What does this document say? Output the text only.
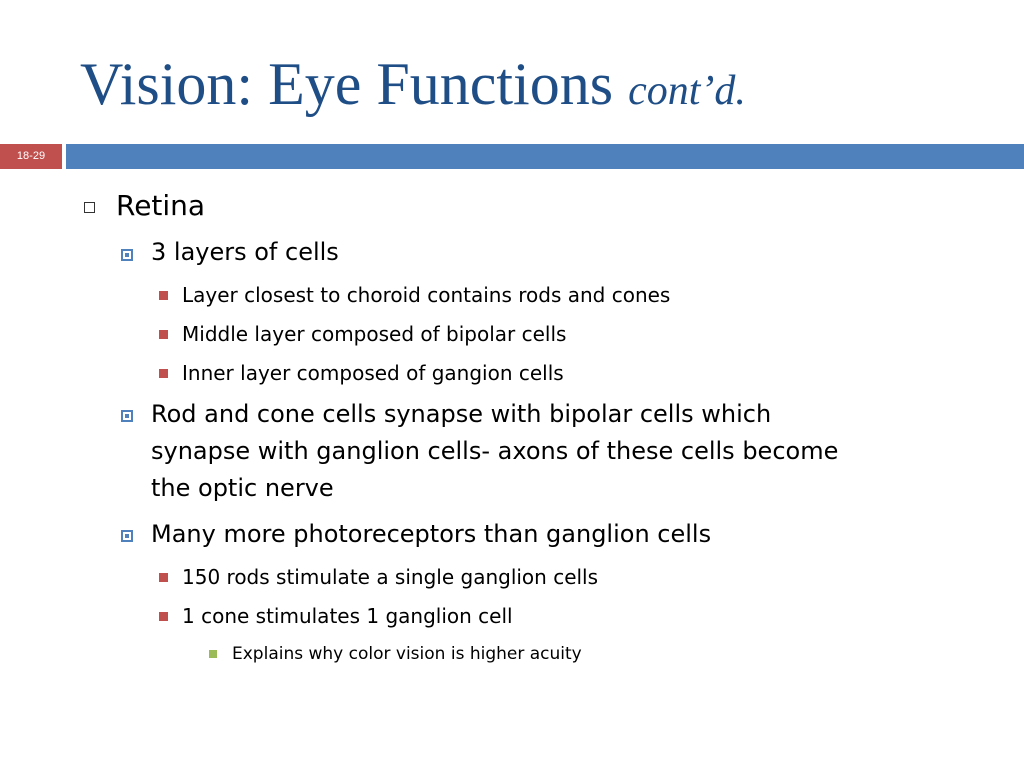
Vision: Eye Functions cont’d.
18-29
Retina
3 layers of cells
Layer closest to choroid contains rods and cones
Middle layer composed of bipolar cells
Inner layer composed of gangion cells
Rod and cone cells synapse with bipolar cells which
synapse with ganglion cells- axons of these cells become
the optic nerve
Many more photoreceptors than ganglion cells
150 rods stimulate a single ganglion cells
1 cone stimulates 1 ganglion cell
Explains why color vision is higher acuity
